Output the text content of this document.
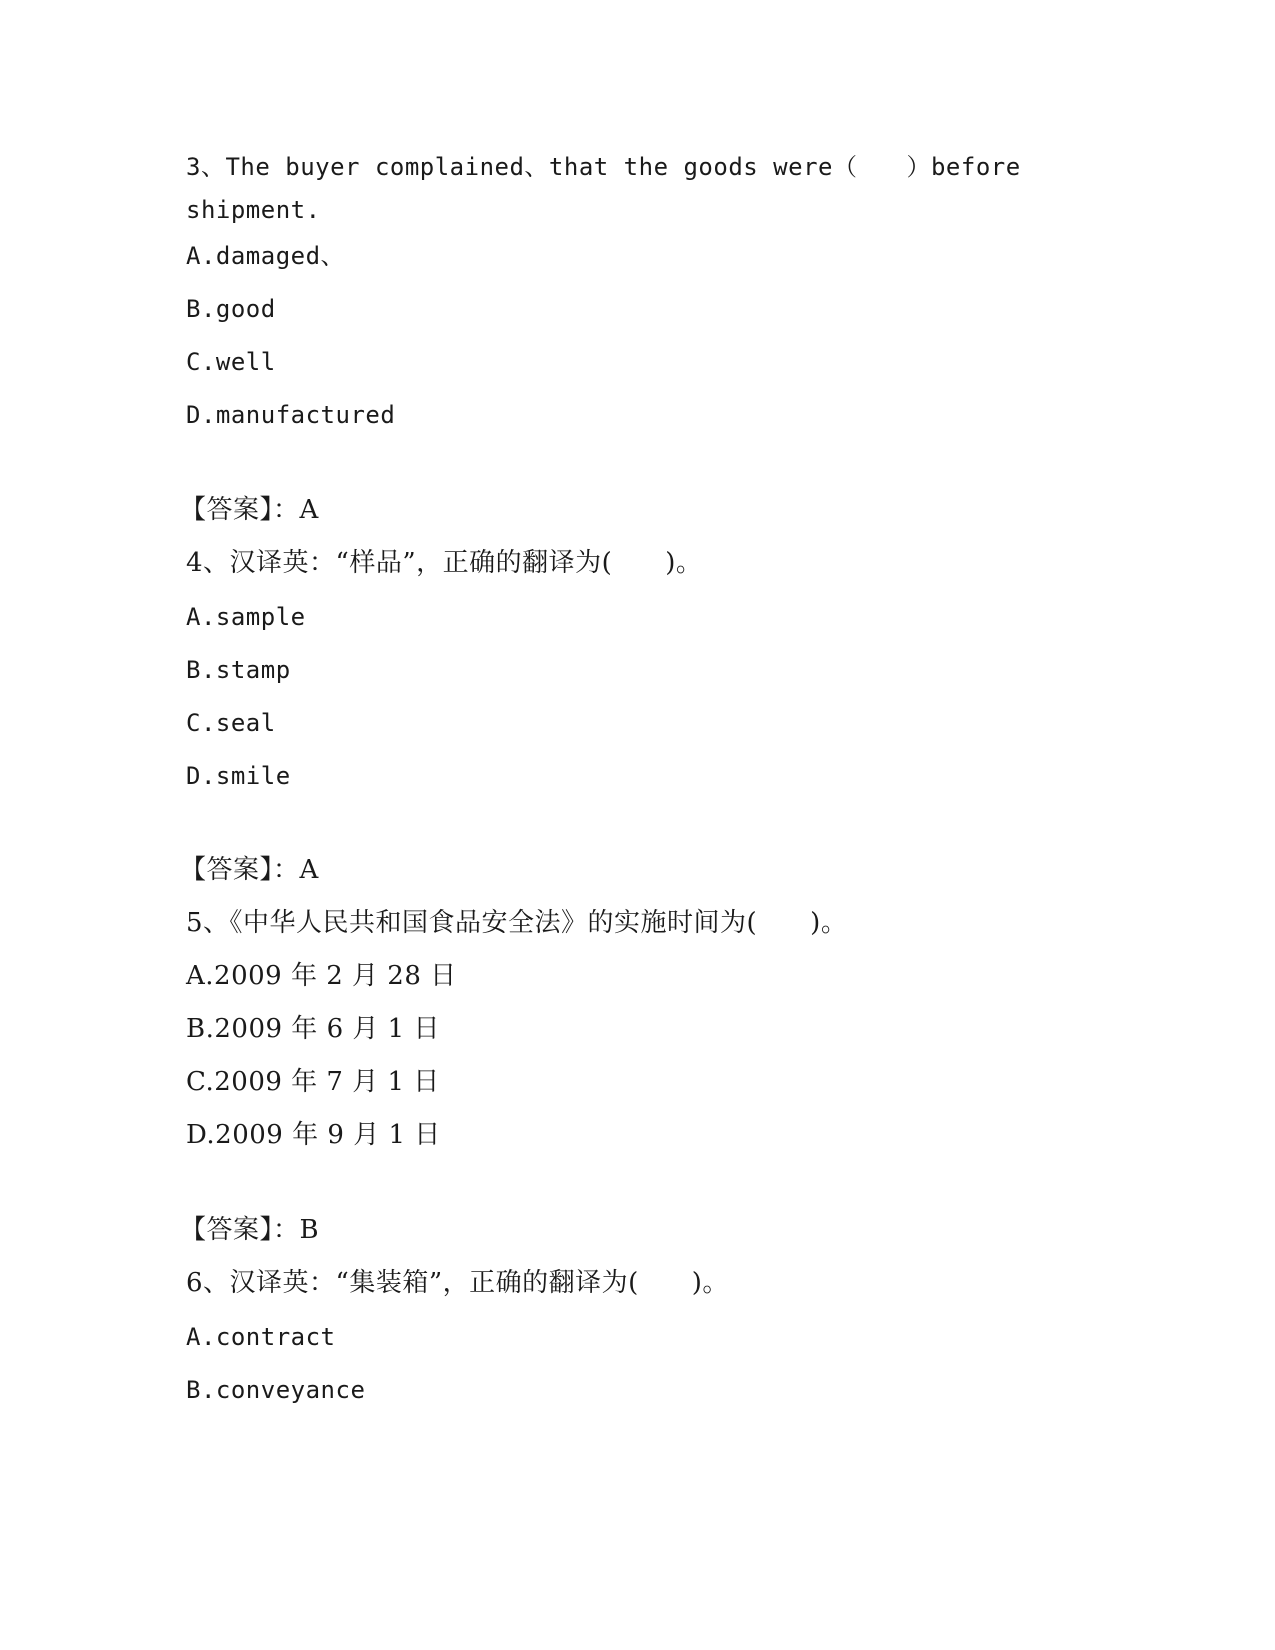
3、The buyer complained、that the goods were（　　）before shipment.
A.damaged、
B.good
C.well
D.manufactured
【答案】：A
4、汉译英：“样品”，正确的翻译为(　　)。
A.sample
B.stamp
C.seal
D.smile
【答案】：A
5、《中华人民共和国食品安全法》的实施时间为(　　)。
A.2009 年 2 月 28 日
B.2009 年 6 月 1 日
C.2009 年 7 月 1 日
D.2009 年 9 月 1 日
【答案】：B
6、汉译英：“集装箱”，正确的翻译为(　　)。
A.contract
B.conveyance
